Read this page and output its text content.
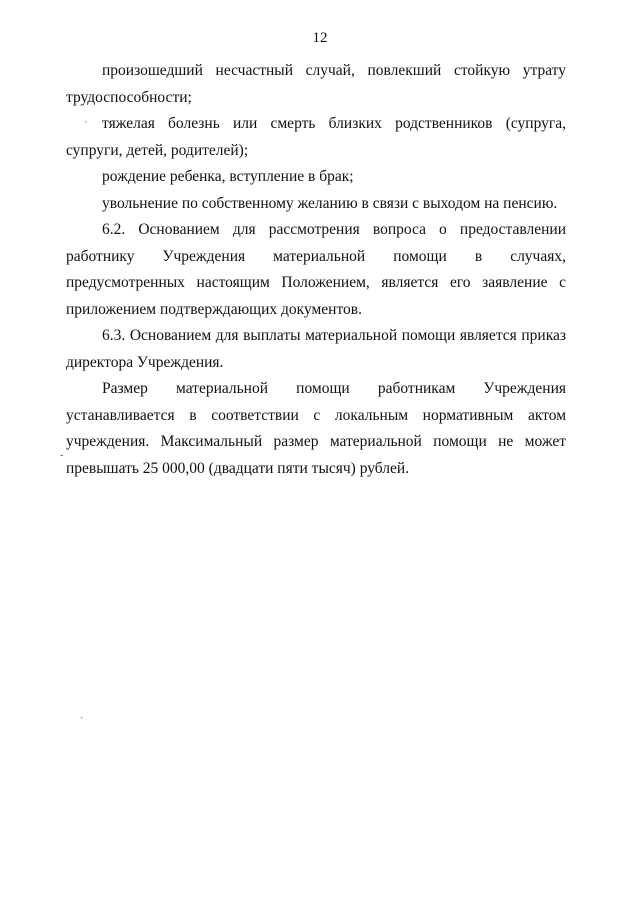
12
произошедший несчастный случай, повлекший стойкую утрату
трудоспособности;
тяжелая болезнь или смерть близких родственников (супруга,
супруги, детей, родителей);
рождение ребенка, вступление в брак;
увольнение по собственному желанию в связи с выходом на пенсию.
6.2. Основанием для рассмотрения вопроса о предоставлении
работнику Учреждения материальной помощи в случаях,
предусмотренных настоящим Положением, является его заявление с
приложением подтверждающих документов.
6.3. Основанием для выплаты материальной помощи является приказ
директора Учреждения.
Размер материальной помощи работникам Учреждения
устанавливается в соответствии с локальным нормативным актом
учреждения. Максимальный размер материальной помощи не может
превышать 25 000,00 (двадцати пяти тысяч) рублей.
ˎ
-
ˎ
